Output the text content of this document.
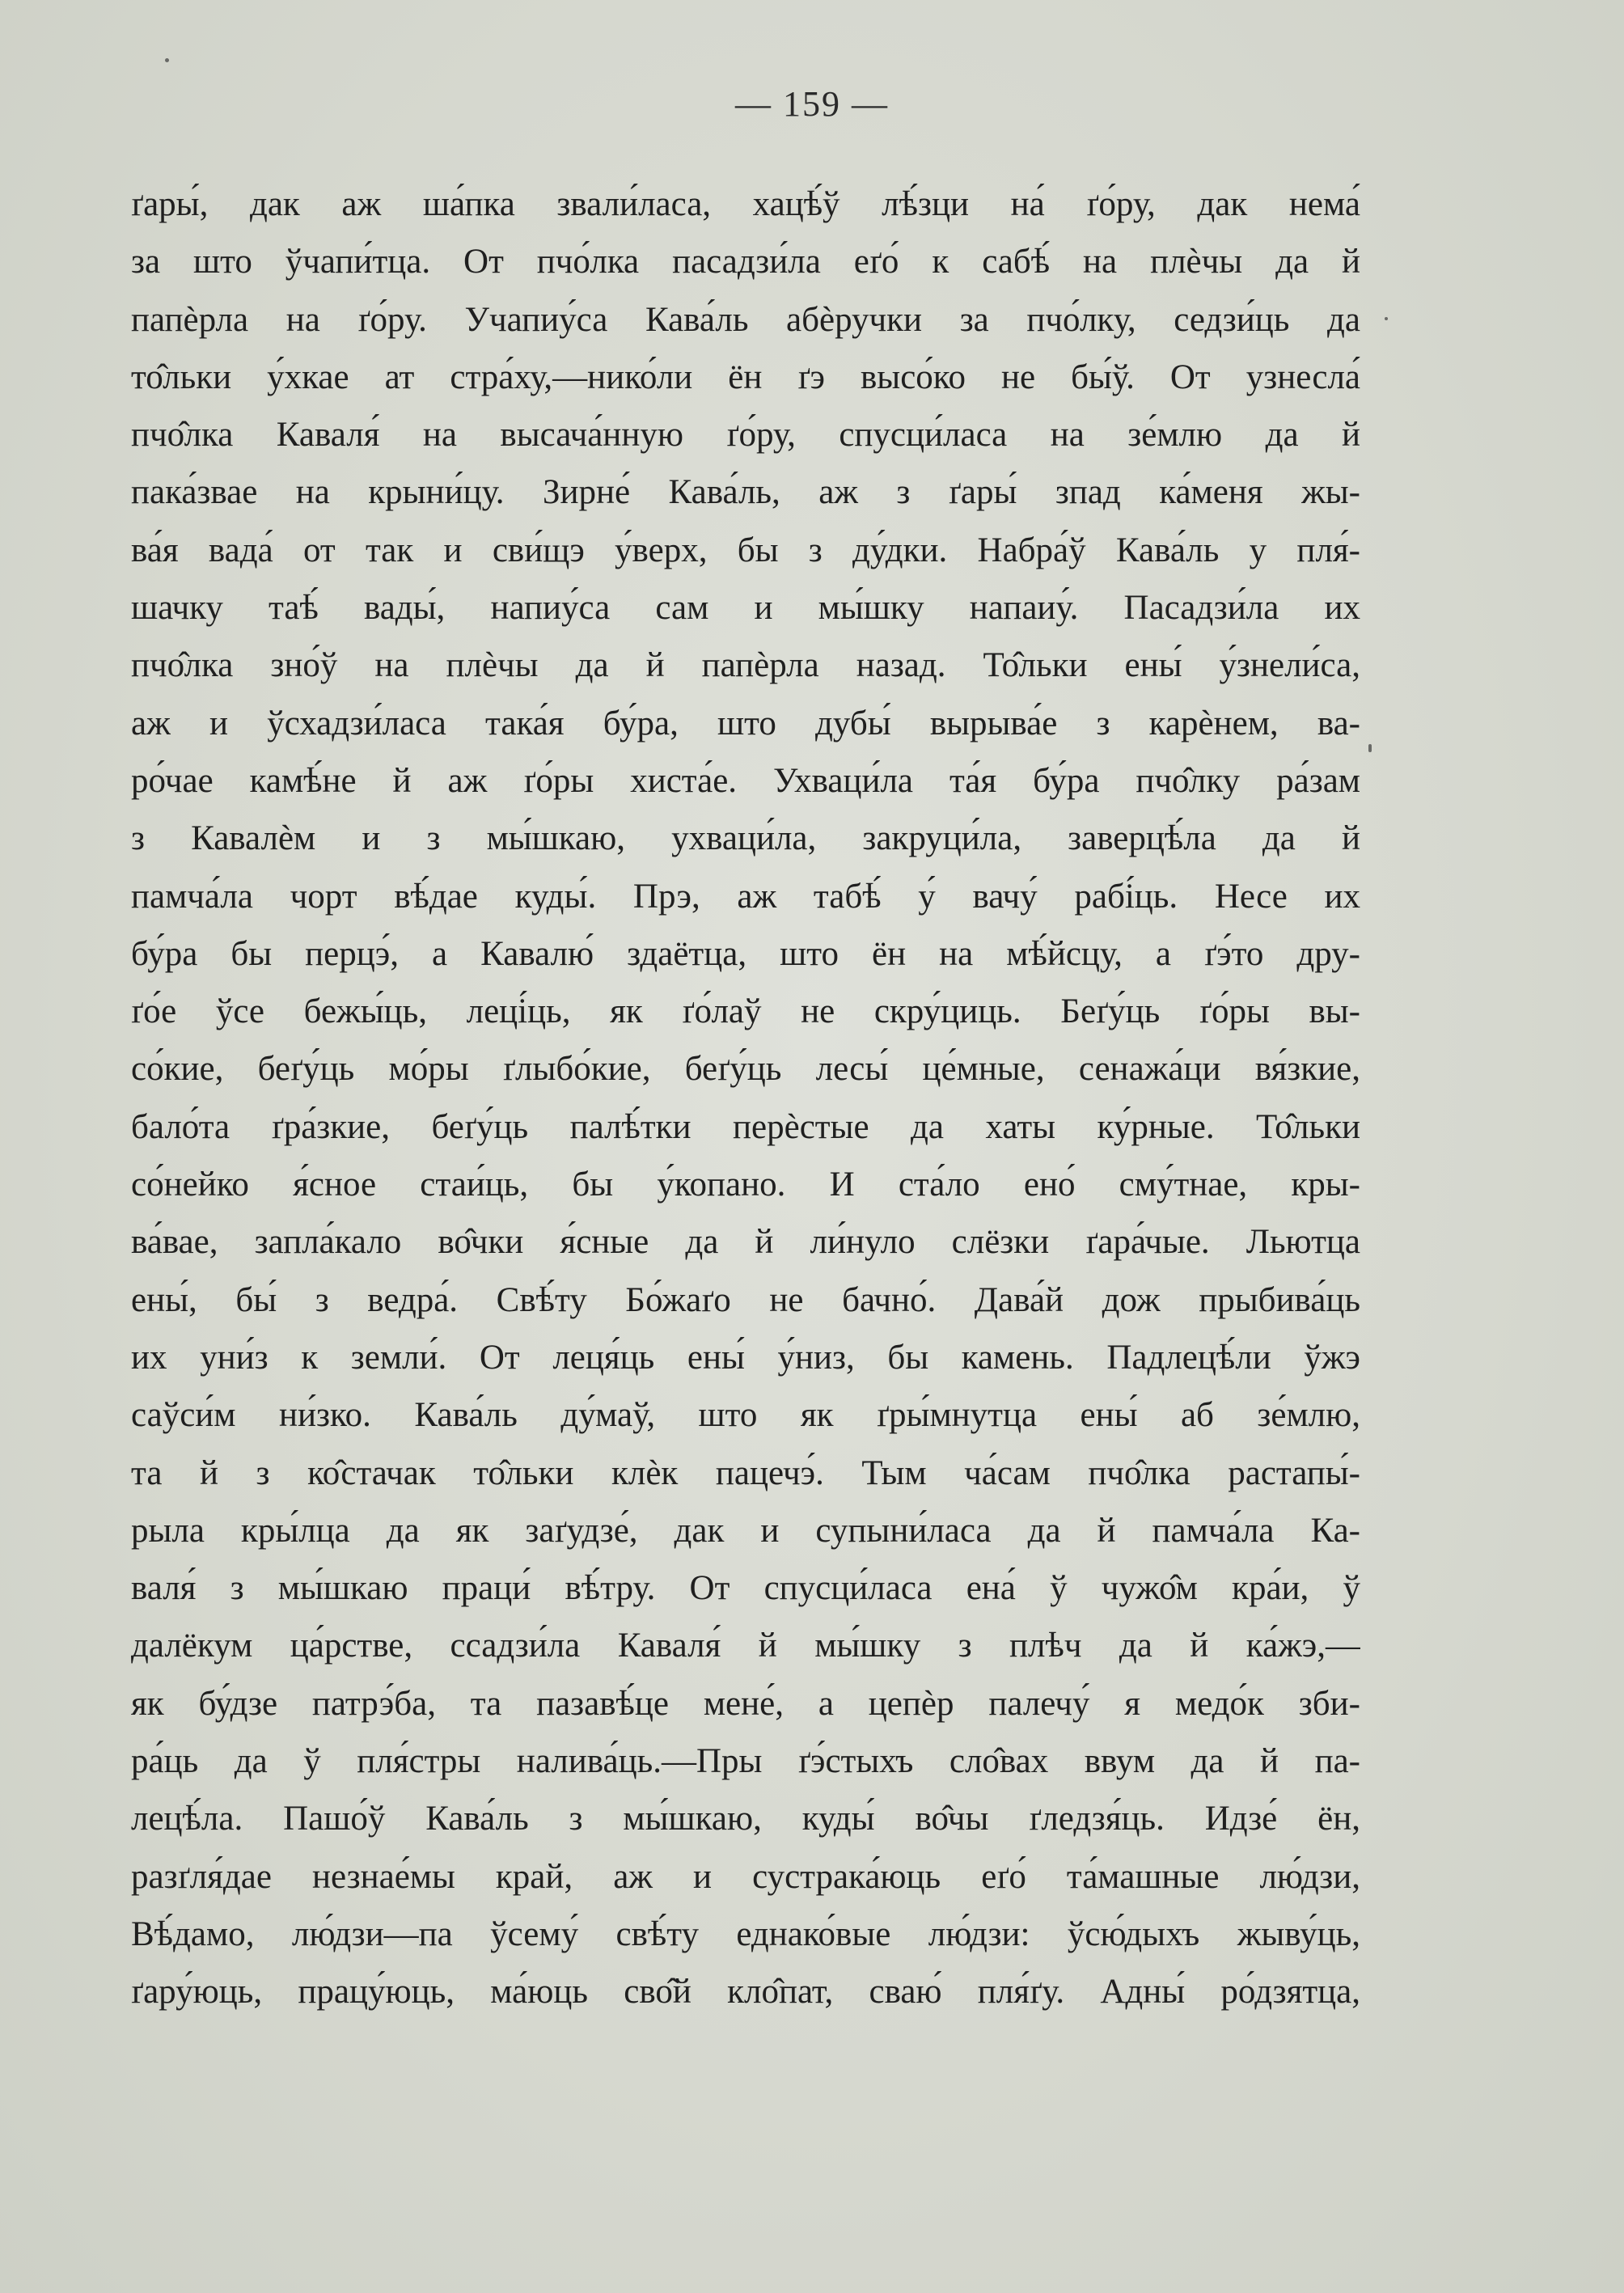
— 159 —
ґары́, дак аж ша́пка звали́ласа, хацѣ́ў лѣ́зци на́ ґо́ру, дак нема́
за што ўчапи́тца. От пчо́лка пасадзи́ла еґо́ к сабѣ́ на плѐчы да й
папѐрла на ґо́ру. Учапиу́са Кава́ль абѐручки за пчо́лку, седзи́ць да
то̂льки у́хкае ат стра́ху,—нико́ли ён ґэ высо́ко не бы́ў. От узнесла́
пчо̂лка Каваля́ на высача́нную ґо́ру, спусци́ласа на зе́млю да й
пака́звае на крыни́цу. Зирне́ Кава́ль, аж з ґары́ зпад ка́меня жы-
ва́я вада́ от так и сви́щэ у́верх, бы з ду́дки. Набра́ў Кава́ль у пля́-
шачку таѣ́ вады́, напиу́са сам и мы́шку напаиу́. Пасадзи́ла их
пчо̂лка зно́ў на плѐчы да й папѐрла назад. То̂льки ены́ у́знели́са,
аж и ўсхадзи́ласа така́я бу́ра, што дубы́ вырыва́е з карѐнем, ва-
ро́чае камѣ́не й аж ґо́ры хиста́е. Ухваци́ла та́я бу́ра пчо̂лку ра́зам
з Кавалѐм и з мы́шкаю, ухваци́ла, закруци́ла, заверцѣ́ла да й
памча́ла чорт вѣ́дае куды́. Прэ, аж табѣ́ у́ вачу́ рабі́ць. Несе их
бу́ра бы перцэ́, а Кавалю́ здаётца, што ён на мѣ́йсцу, а ґэ́то дру-
ґо́е ўсе бежы́ць, леці́ць, як ґо́лаў не скру́циць. Беґу́ць ґо́ры вы-
со́кие, беґу́ць мо́ры ґлыбо́кие, беґу́ць лесы́ це́мные, сенажа́ци вя́зкие,
бало́та ґра́зкие, беґу́ць палѣ́тки перѐстые да хаты ку́рные. То̂льки
со́нейко я́сное стаи́ць, бы у́копано. И ста́ло ено́ сму́тнае, кры-
ва́вае, запла́кало во̂чки я́сные да й ли́нуло слёзки ґара́чые. Льютца
ены́, бы́ з ведра́. Свѣ́ту Бо́жаґо не бачно́. Дава́й дож прыбива́ць
их уни́з к земли́. От леця́ць ены́ у́низ, бы камень. Падлецѣ́ли ўжэ
саўси́м ни́зко. Кава́ль ду́маў, што як ґры́мнутца ены́ аб зе́млю,
та й з ко̂стачак то̂льки клѐк пацечэ́. Тым ча́сам пчо̂лка растапы́-
рыла кры́лца да як заґудзе́, дак и супыни́ласа да й памча́ла Ка-
валя́ з мы́шкаю праци́ вѣ́тру. От спусци́ласа ена́ ў чужо̂м кра́и, ў
далёкум ца́рстве, ссадзи́ла Каваля́ й мы́шку з плѣч да й ка́жэ,—
як бу́дзе патрэ́ба, та пазавѣ́це мене́, а цепѐр палечу́ я медо́к зби-
ра́ць да ў пля́стры налива́ць.—Пры ґэ́стыхъ сло̂вах ввум да й па-
лецѣ́ла. Пашо́ў Кава́ль з мы́шкаю, куды́ во̂чы ґледзя́ць. Идзе́ ён,
разґля́дае незнае́мы край, аж и сустрака́юць еґо́ та́машные лю́дзи,
Вѣ́дамо, лю́дзи—па ўсему́ свѣ́ту еднако́вые лю́дзи: ўсю́дыхъ жыву́ць,
ґару́юць, працу́юць, ма́юць сво̂й кло̂пат, сваю́ пля́ґу. Адны́ ро́дзятца,
